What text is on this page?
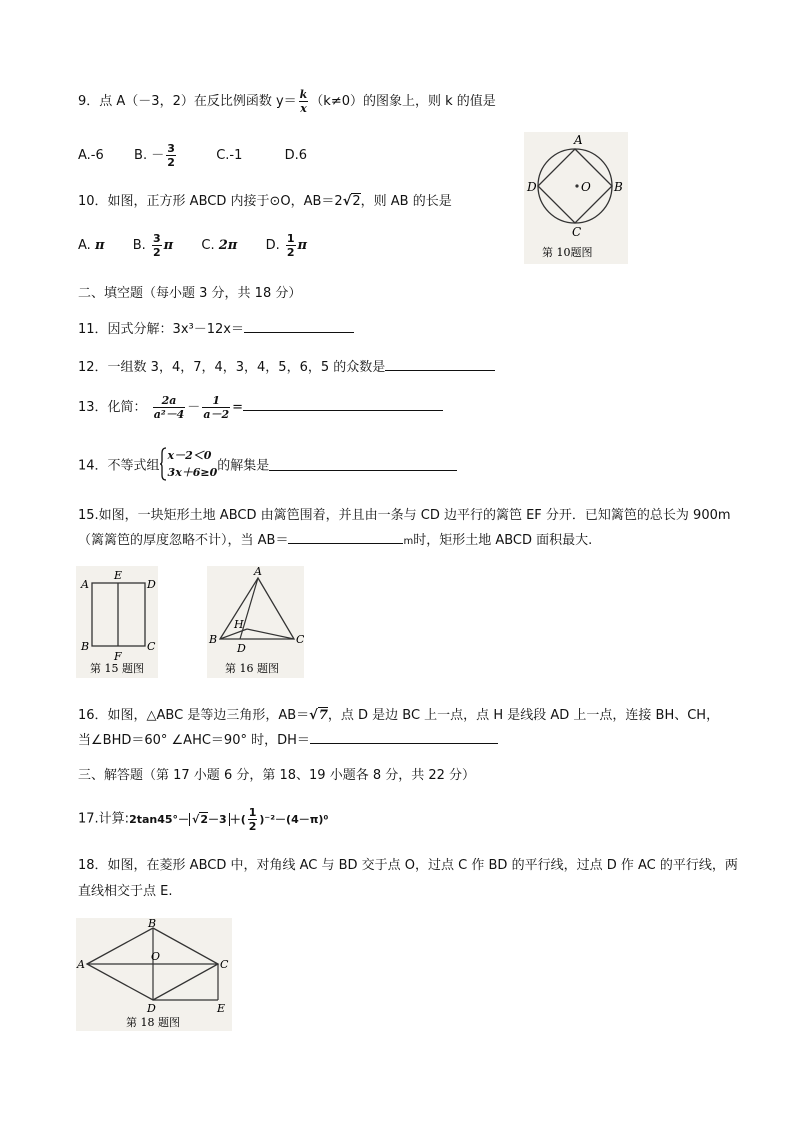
9．点 A（－3，2）在反比例函数 $y= \frac{k}{x} (k\ne 0)$的图象上，则 k 的值是
A.-6 B. － $\frac{3}{2}$	C.-1	D.6
10．如图，正方形 ABCD 内接于⊙O，AB＝2√2，则 AB 的长是
A. π B. $\frac{3}{2}$ π C. 2π D. $\frac{1}{2}$ π
A
B
C
D	O
第 10题图
二、填空题（每小题 3 分，共 18 分）
11．因式分解：3x³－12x＝
12．一组数 3，4，7，4，3，4，5，6，5 的众数是
13．化简： $\frac{2a}{\text{a²－4}} - \frac{1}{a-2}$ =
14．不等式组
x－2＜0
3x＋6≥0 的解集是
15.如图，一块矩形土地 ABCD 由篱笆围着，并且由一条与 CD 边平行的篱笆 EF 分开．已知篱笆的总长为 900m
（篱篱笆的厚度忽略不计），当 AB＝	m时，矩形土地 ABCD 面积最大.
A
E
D
B
F
C
第 15 题图
A
B	C
D
H
第 16 题图
16．如图，△ABC 是等边三角形，AB＝√7，点 D 是边 BC 上一点，点 H 是线段 AD 上一点，连接 BH、CH，
当∠BHD＝60° ∠AHC＝90° 时，DH＝
三、解答题（第 17 小题 6 分，第 18、19 小题各 8 分，共 22 分）
17.计算:2tan45°－ √2－3 ＋( $\frac{1}{2} )^{-2}-(4-\pi)^0$
18．如图，在菱形 ABCD 中，对角线 AC 与 BD 交于点 O，过点 C 作 BD 的平行线，过点 D 作 AC 的平行线，两
直线相交于点 E.
A
B
C
D	E
O
第 18 题图
